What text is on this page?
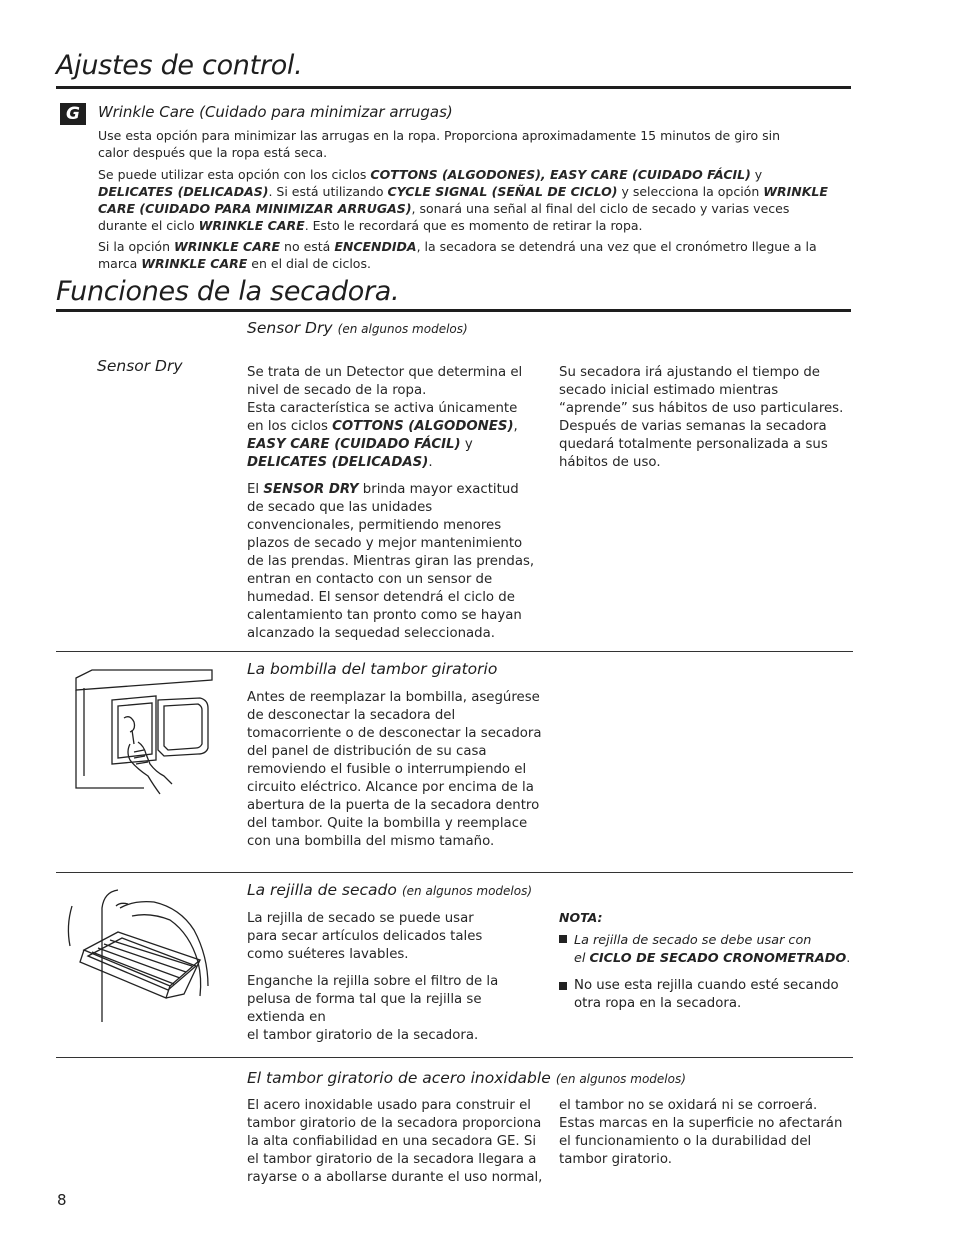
Ajustes de control.
G	Wrinkle Care (Cuidado para minimizar arrugas)
Use esta opción para minimizar las arrugas en la ropa. Proporciona aproximadamente 15 minutos de giro sin calor después que la ropa está seca.
Se puede utilizar esta opción con los ciclos COTTONS (ALGODONES), EASY CARE (CUIDADO FÁCIL) y DELICATES (DELICADAS). Si está utilizando CYCLE SIGNAL (SEÑAL DE CICLO) y selecciona la opción WRINKLE CARE (CUIDADO PARA MINIMIZAR ARRUGAS), sonará una señal al final del ciclo de secado y varias veces durante el ciclo WRINKLE CARE. Esto le recordará que es momento de retirar la ropa.
Si la opción WRINKLE CARE no está ENCENDIDA, la secadora se detendrá una vez que el cronómetro llegue a la marca WRINKLE CARE en el dial de ciclos.
Funciones de la secadora.
Sensor Dry (en algunos modelos)
Sensor Dry	Se trata de un Detector que determina el nivel de secado de la ropa.
Esta característica se activa únicamente en los ciclos COTTONS (ALGODONES), EASY CARE (CUIDADO FÁCIL) y DELICATES (DELICADAS).
El SENSOR DRY brinda mayor exactitud de secado que las unidades convencionales, permitiendo menores plazos de secado y mejor mantenimiento
de las prendas. Mientras giran las prendas, entran en contacto con un sensor de humedad. El sensor detendrá el ciclo de calentamiento tan pronto como se hayan alcanzado la sequedad seleccionada.
Su secadora irá ajustando el tiempo de secado inicial estimado mientras “aprende” sus hábitos de uso particulares. Después de varias semanas la secadora quedará totalmente personalizada a sus hábitos de uso.
La bombilla del tambor giratorio
Antes de reemplazar la bombilla, asegúrese de desconectar la secadora del tomacorriente o de desconectar la secadora del panel de distribución de su casa removiendo el fusible o interrumpiendo el circuito eléctrico. Alcance por encima de la abertura de la puerta de la secadora dentro del tambor. Quite la bombilla y reemplace con una bombilla del mismo tamaño.
La rejilla de secado (en algunos modelos)
La rejilla de secado se puede usar
para secar artículos delicados tales
como suéteres lavables.
Enganche la rejilla sobre el filtro de la pelusa de forma tal que la rejilla se extienda en
el tambor giratorio de la secadora.
NOTA:
La rejilla de secado se debe usar con
el CICLO DE SECADO CRONOMETRADO.
No use esta rejilla cuando esté secando otra ropa en la secadora.
El tambor giratorio de acero inoxidable (en algunos modelos)
El acero inoxidable usado para construir el tambor giratorio de la secadora proporciona la alta confiabilidad en una secadora GE. Si el tambor giratorio de la secadora llegara a rayarse o a abollarse durante el uso normal,
el tambor no se oxidará ni se corroerá. Estas marcas en la superficie no afectarán el funcionamiento o la durabilidad del tambor giratorio.
8
